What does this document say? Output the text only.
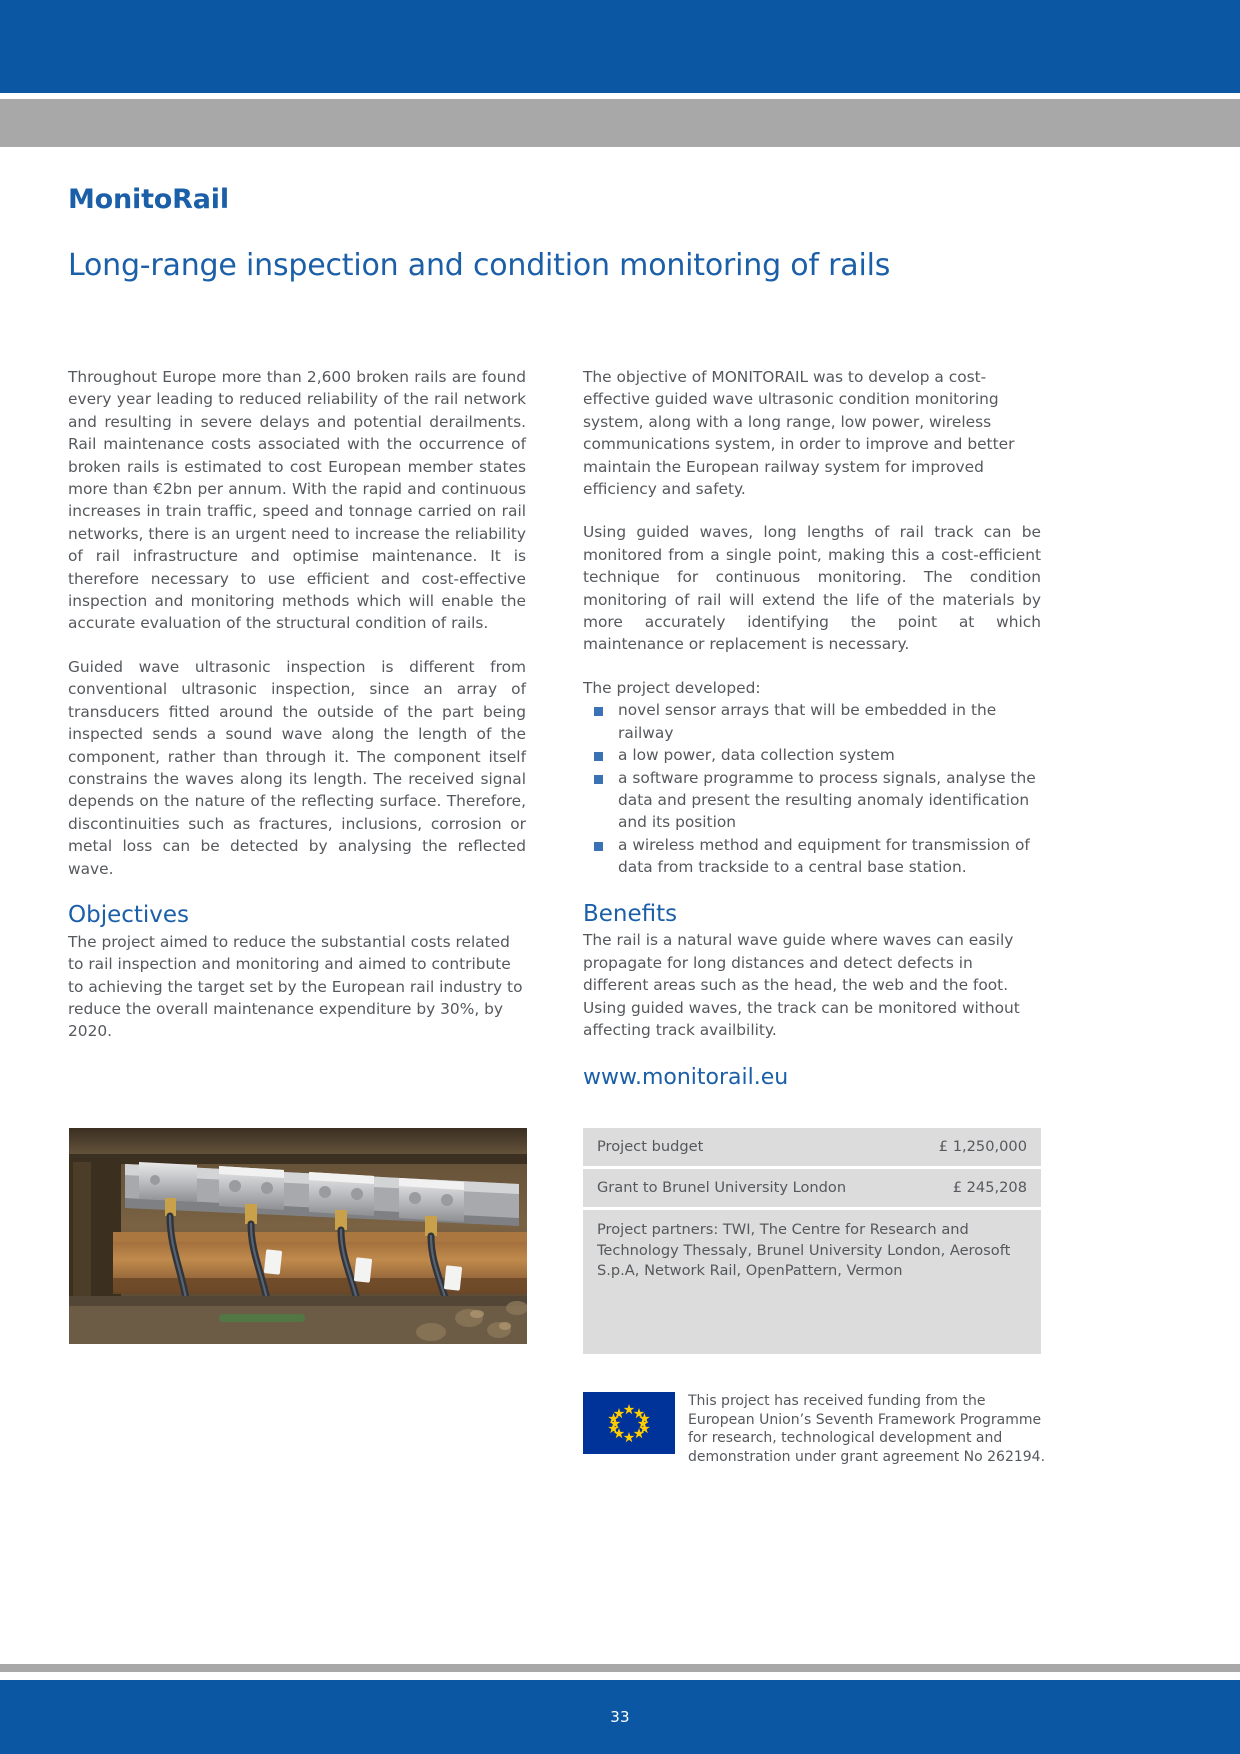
MonitoRail
Long-range inspection and condition monitoring of rails

Throughout Europe more than 2,600 broken rails are found every year leading to reduced reliability of the rail network and resulting in severe delays and potential derailments. Rail maintenance costs associated with the occurrence of broken rails is estimated to cost European member states more than €2bn per annum. With the rapid and continuous increases in train traffic, speed and tonnage carried on rail networks, there is an urgent need to increase the reliability of rail infrastructure and optimise maintenance. It is therefore necessary to use efficient and cost-effective inspection and monitoring methods which will enable the accurate evaluation of the structural condition of rails.

Guided wave ultrasonic inspection is different from conventional ultrasonic inspection, since an array of transducers fitted around the outside of the part being inspected sends a sound wave along the length of the component, rather than through it. The component itself constrains the waves along its length. The received signal depends on the nature of the reflecting surface. Therefore, discontinuities such as fractures, inclusions, corrosion or metal loss can be detected by analysing the reflected wave.

Objectives

The project aimed to reduce the substantial costs related to rail inspection and monitoring and aimed to contribute to achieving the target set by the European rail industry to reduce the overall maintenance expenditure by 30%, by 2020.

The objective of MONITORAIL was to develop a cost-effective guided wave ultrasonic condition monitoring system, along with a long range, low power, wireless communications system, in order to improve and better maintain the European railway system for improved efficiency and safety.

Using guided waves, long lengths of rail track can be monitored from a single point, making this a cost-efficient technique for continuous monitoring. The condition monitoring of rail will extend the life of the materials by more accurately identifying the point at which maintenance or replacement is necessary.

The project developed:

novel sensor arrays that will be embedded in the railway
a low power, data collection system
a software programme to process signals, analyse the data and present the resulting anomaly identification and its position
a wireless method and equipment for transmission of data from trackside to a central base station.
Benefits

The rail is a natural wave guide where waves can easily propagate for long distances and detect defects in different areas such as the head, the web and the foot. Using guided waves, the track can be monitored without affecting track availbility.

www.monitorail.eu
Project budget	£ 1,250,000
Grant to Brunel University London	£ 245,208
Project partners: TWI, The Centre for Research and Technology Thessaly, Brunel University London, Aerosoft S.p.A, Network Rail, OpenPattern, Vermon
This project has received funding from the European Union’s Seventh Framework Programme for research, technological development and demonstration under grant agreement No 262194.
33
